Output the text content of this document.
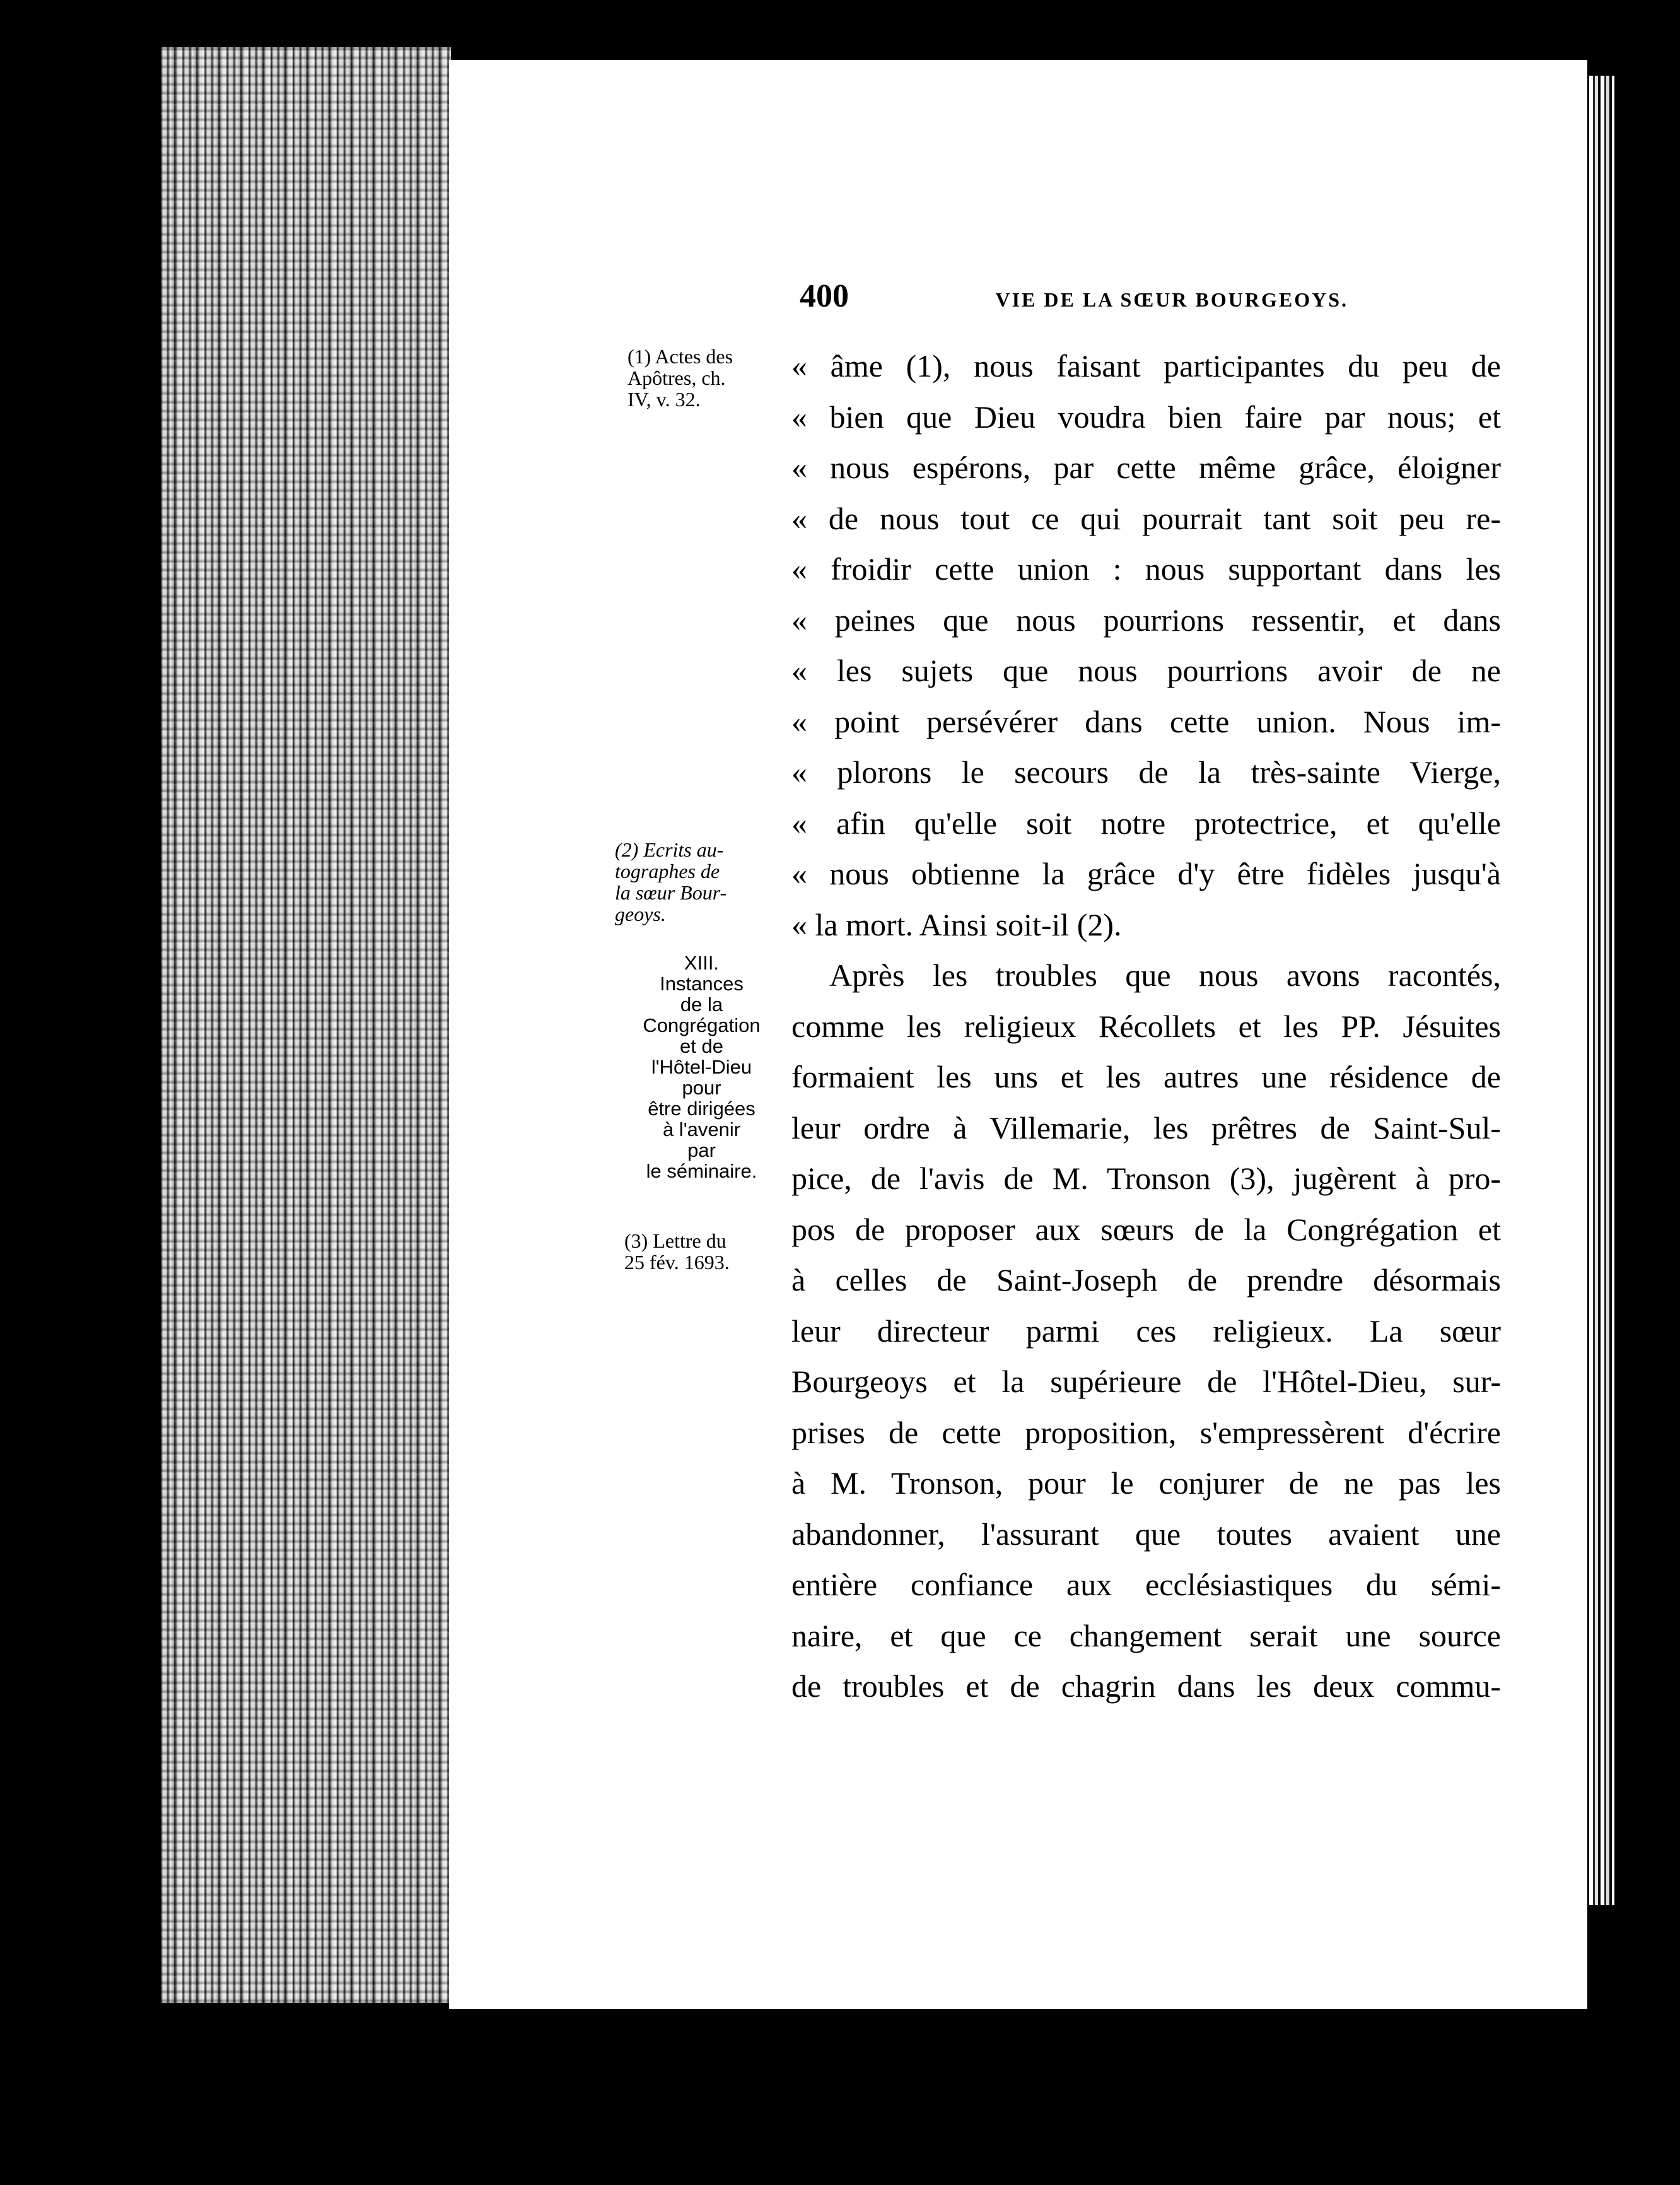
400	VIE DE LA SŒUR BOURGEOYS.
(1) Actes des
Apôtres, ch.
IV, v. 32.
(2) Ecrits au-
tographes de
la sœur Bour-
geoys.
XIII.
Instances
de la
Congrégation
et de
l'Hôtel-Dieu
pour
être dirigées
à l'avenir
par
le séminaire.
(3) Lettre du
25 fév. 1693.
« âme (1), nous faisant participantes du peu de
« bien que Dieu voudra bien faire par nous; et
« nous espérons, par cette même grâce, éloigner
« de nous tout ce qui pourrait tant soit peu re-
« froidir cette union : nous supportant dans les
« peines que nous pourrions ressentir, et dans
« les sujets que nous pourrions avoir de ne
« point persévérer dans cette union. Nous im-
« plorons le secours de la très-sainte Vierge,
« afin qu'elle soit notre protectrice, et qu'elle
« nous obtienne la grâce d'y être fidèles jusqu'à
« la mort. Ainsi soit-il (2).
Après les troubles que nous avons racontés,
comme les religieux Récollets et les PP. Jésuites
formaient les uns et les autres une résidence de
leur ordre à Villemarie, les prêtres de Saint-Sul-
pice, de l'avis de M. Tronson (3), jugèrent à pro-
pos de proposer aux sœurs de la Congrégation et
à celles de Saint-Joseph de prendre désormais
leur directeur parmi ces religieux. La sœur
Bourgeoys et la supérieure de l'Hôtel-Dieu, sur-
prises de cette proposition, s'empressèrent d'écrire
à M. Tronson, pour le conjurer de ne pas les
abandonner, l'assurant que toutes avaient une
entière confiance aux ecclésiastiques du sémi-
naire, et que ce changement serait une source
de troubles et de chagrin dans les deux commu-
